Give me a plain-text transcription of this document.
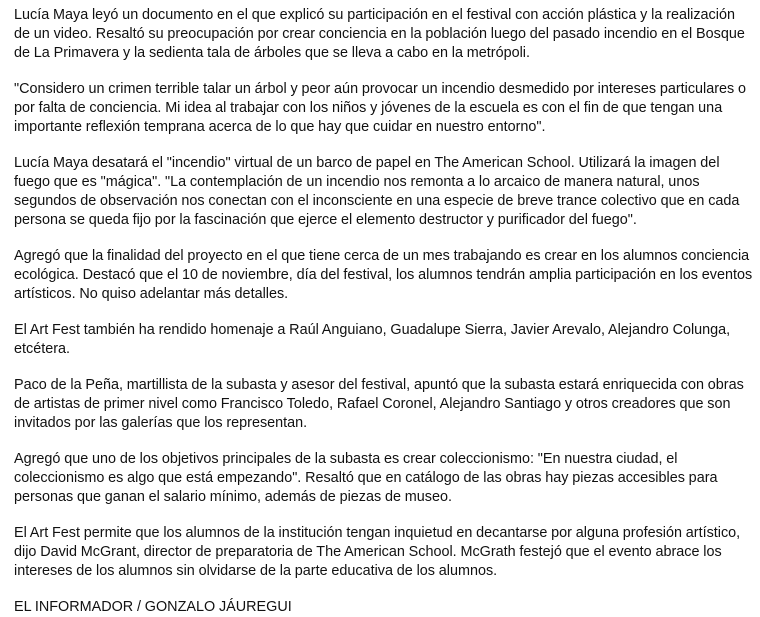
Lucía Maya leyó un documento en el que explicó su participación en el festival con acción plástica y la realización de un video. Resaltó su preocupación por crear conciencia en la población luego del pasado incendio en el Bosque de La Primavera y la sedienta tala de árboles que se lleva a cabo en la metrópoli.

"Considero un crimen terrible talar un árbol y peor aún provocar un incendio desmedido por intereses particulares o por falta de conciencia. Mi idea al trabajar con los niños y jóvenes de la escuela es con el fin de que tengan una importante reflexión temprana acerca de lo que hay que cuidar en nuestro entorno".

Lucía Maya desatará el "incendio" virtual de un barco de papel en The American School. Utilizará la imagen del fuego que es "mágica". "La contemplación de un incendio nos remonta a lo arcaico de manera natural, unos segundos de observación nos conectan con el inconsciente en una especie de breve trance colectivo que en cada persona se queda fijo por la fascinación que ejerce el elemento destructor y purificador del fuego".

Agregó que la finalidad del proyecto en el que tiene cerca de un mes trabajando es crear en los alumnos conciencia ecológica. Destacó que el 10 de noviembre, día del festival, los alumnos tendrán amplia participación en los eventos artísticos. No quiso adelantar más detalles.

El Art Fest también ha rendido homenaje a Raúl Anguiano, Guadalupe Sierra, Javier Arevalo, Alejandro Colunga, etcétera.

Paco de la Peña, martillista de la subasta y asesor del festival, apuntó que la subasta estará enriquecida con obras de artistas de primer nivel como Francisco Toledo, Rafael Coronel, Alejandro Santiago y otros creadores que son invitados por las galerías que los representan.

Agregó que uno de los objetivos principales de la subasta es crear coleccionismo: "En nuestra ciudad, el coleccionismo es algo que está empezando". Resaltó que en catálogo de las obras hay piezas accesibles para personas que ganan el salario mínimo, además de piezas de museo.

El Art Fest permite que los alumnos de la institución tengan inquietud en decantarse por alguna profesión artístico, dijo David McGrant, director de preparatoria de The American School. McGrath festejó que el evento abrace los intereses de los alumnos sin olvidarse de la parte educativa de los alumnos.

EL INFORMADOR / GONZALO JÁUREGUI
